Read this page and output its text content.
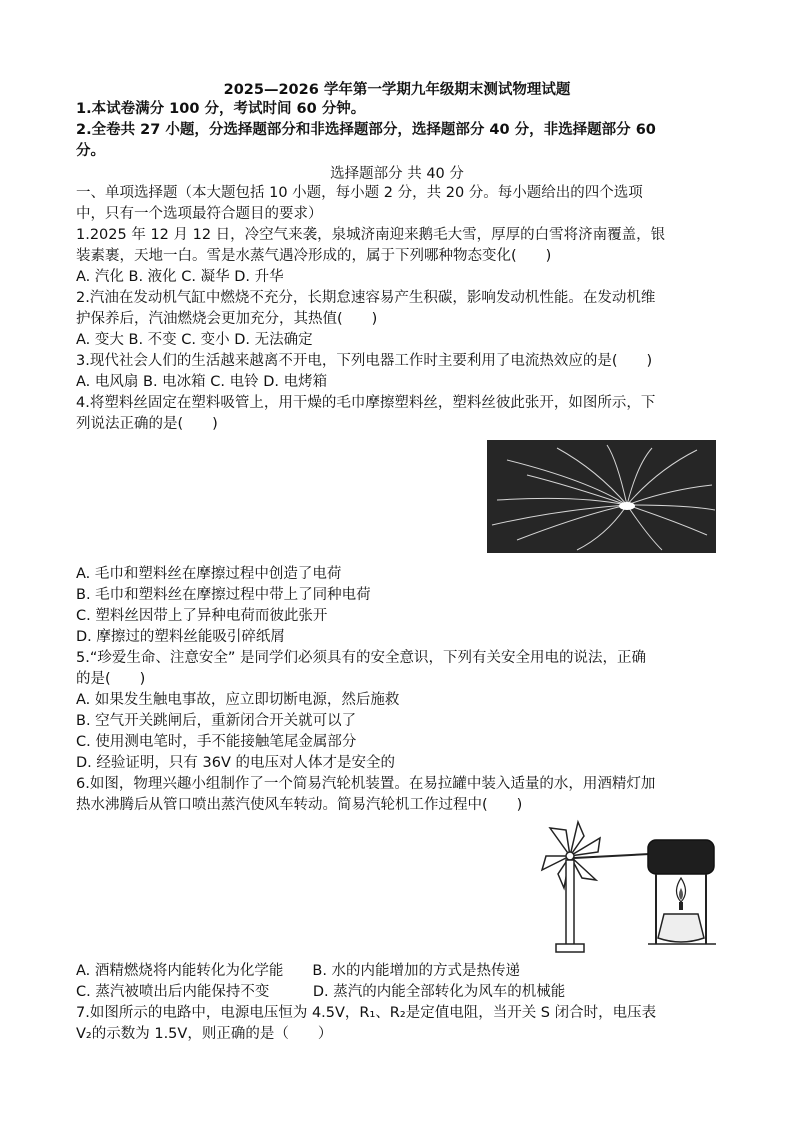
2025—2026 学年第一学期九年级期末测试物理试题
1.本试卷满分 100 分，考试时间 60 分钟。
2.全卷共 27 小题，分选择题部分和非选择题部分，选择题部分 40 分，非选择题部分 60
分。
选择题部分 共 40 分
一、单项选择题（本大题包括 10 小题，每小题 2 分，共 20 分。每小题给出的四个选项
中，只有一个选项最符合题目的要求）
1.2025 年 12 月 12 日，冷空气来袭，泉城济南迎来鹅毛大雪，厚厚的白雪将济南覆盖，银
装素裹，天地一白。雪是水蒸气遇冷形成的，属于下列哪种物态变化(　　)
A. 汽化 B. 液化 C. 凝华 D. 升华
2.汽油在发动机气缸中燃烧不充分，长期怠速容易产生积碳，影响发动机性能。在发动机维
护保养后，汽油燃烧会更加充分，其热值(　　)
A. 变大 B. 不变 C. 变小 D. 无法确定
3.现代社会人们的生活越来越离不开电，下列电器工作时主要利用了电流热效应的是(　　)
A. 电风扇 B. 电冰箱 C. 电铃 D. 电烤箱
4.将塑料丝固定在塑料吸管上，用干燥的毛巾摩擦塑料丝，塑料丝彼此张开，如图所示，下
列说法正确的是(　　)
A. 毛巾和塑料丝在摩擦过程中创造了电荷
B. 毛巾和塑料丝在摩擦过程中带上了同种电荷
C. 塑料丝因带上了异种电荷而彼此张开
D. 摩擦过的塑料丝能吸引碎纸屑
5.“珍爱生命、注意安全” 是同学们必须具有的安全意识，下列有关安全用电的说法，正确
的是(　　)
A. 如果发生触电事故，应立即切断电源，然后施救
B. 空气开关跳闸后，重新闭合开关就可以了
C. 使用测电笔时，手不能接触笔尾金属部分
D. 经验证明，只有 36V 的电压对人体才是安全的
6.如图，物理兴趣小组制作了一个简易汽轮机装置。在易拉罐中装入适量的水，用酒精灯加
热水沸腾后从管口喷出蒸汽使风车转动。简易汽轮机工作过程中(　　)
A. 酒精燃烧将内能转化为化学能　　B. 水的内能增加的方式是热传递
C. 蒸汽被喷出后内能保持不变　　　D. 蒸汽的内能全部转化为风车的机械能
7.如图所示的电路中，电源电压恒为 4.5V，R₁、R₂是定值电阻，当开关 S 闭合时，电压表
V₂的示数为 1.5V，则正确的是（　　）
